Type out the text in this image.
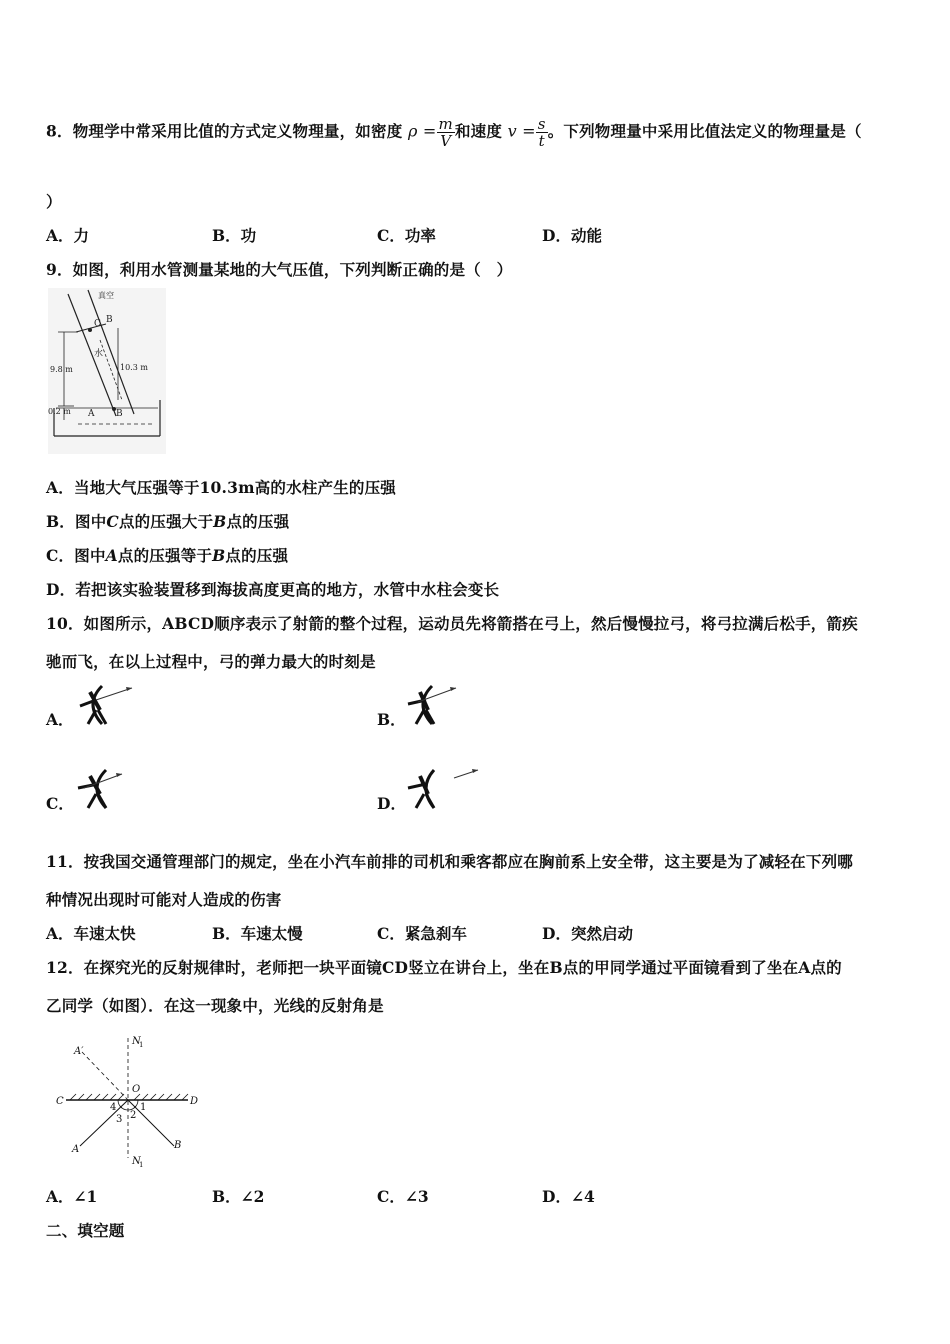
8．物理学中常采用比值的方式定义物理量，如密度 $\rho = \frac{m}{V}$ 和速度 $v = \frac{s}{t}$ 。下列物理量中采用比值法定义的物理量是（
）
A．力	B．功	C．功率	D．动能
9．如图，利用水管测量某地的大气压值，下列判断正确的是（　）
真空
C B
水
9.8 m	10.3 m
0.2 m A B
A．当地大气压强等于10.3m高的水柱产生的压强
B．图中C点的压强大于B点的压强
C．图中A点的压强等于B点的压强
D．若把该实验装置移到海拔高度更高的地方，水管中水柱会变长
10．如图所示，ABCD顺序表示了射箭的整个过程，运动员先将箭搭在弓上，然后慢慢拉弓，将弓拉满后松手，箭疾
驰而飞，在以上过程中，弓的弹力最大的时刻是
A．	B．
C．	D．
11．按我国交通管理部门的规定，坐在小汽车前排的司机和乘客都应在胸前系上安全带，这主要是为了减轻在下列哪
种情况出现时可能对人造成的伤害
A．车速太快	B．车速太慢	C．紧急刹车	D．突然启动
12．在探究光的反射规律时，老师把一块平面镜CD竖立在讲台上，坐在B点的甲同学通过平面镜看到了坐在A点的
乙同学（如图）．在这一现象中，光线的反射角是
A′
N
1
O
C	D
4 1
3 2
A	B
N
1
A．∠1	B．∠2	C．∠3	D．∠4
二、填空题
